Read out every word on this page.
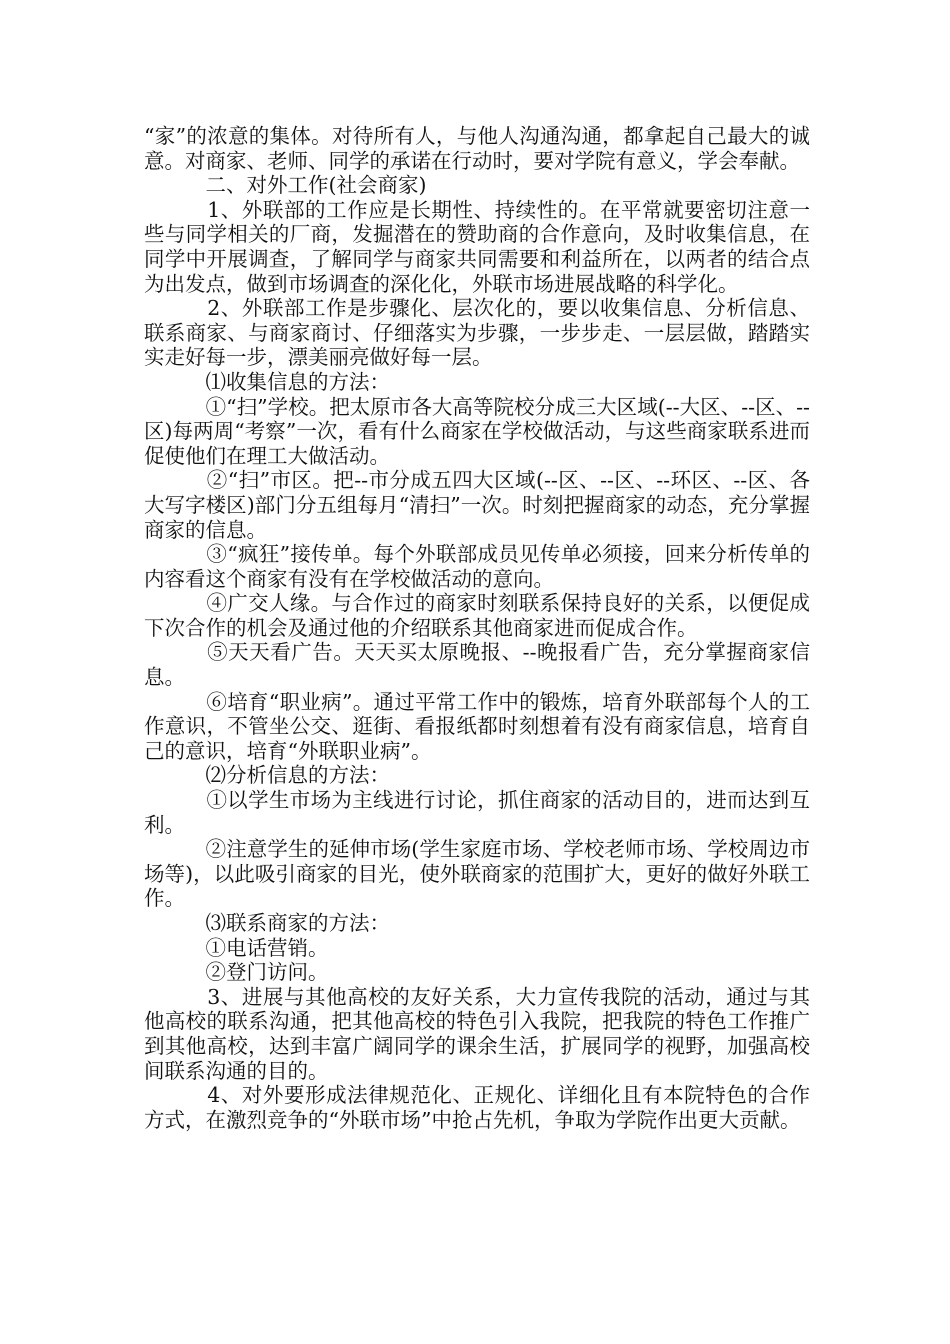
“家”的浓意的集体。对待所有人，与他人沟通沟通，都拿起自己最大的诚意。对商家、老师、同学的承诺在行动时，要对学院有意义，学会奉献。

　　　二、对外工作(社会商家)

　　　1、外联部的工作应是长期性、持续性的。在平常就要密切注意一些与同学相关的厂商，发掘潜在的赞助商的合作意向，及时收集信息，在同学中开展调查，了解同学与商家共同需要和利益所在，以两者的结合点为出发点，做到市场调查的深化化，外联市场进展战略的科学化。

　　　2、外联部工作是步骤化、层次化的，要以收集信息、分析信息、联系商家、与商家商讨、仔细落实为步骤，一步步走、一层层做，踏踏实实走好每一步，漂美丽亮做好每一层。

　　　⑴收集信息的方法：

　　　①“扫”学校。把太原市各大高等院校分成三大区域(--大区、--区、--区)每两周“考察”一次，看有什么商家在学校做活动，与这些商家联系进而促使他们在理工大做活动。

　　　②“扫”市区。把--市分成五四大区域(--区、--区、--环区、--区、各大写字楼区)部门分五组每月“清扫”一次。时刻把握商家的动态，充分掌握商家的信息。

　　　③“疯狂”接传单。每个外联部成员见传单必须接，回来分析传单的内容看这个商家有没有在学校做活动的意向。

　　　④广交人缘。与合作过的商家时刻联系保持良好的关系，以便促成下次合作的机会及通过他的介绍联系其他商家进而促成合作。

　　　⑤天天看广告。天天买太原晚报、--晚报看广告，充分掌握商家信息。

　　　⑥培育“职业病”。通过平常工作中的锻炼，培育外联部每个人的工作意识，不管坐公交、逛街、看报纸都时刻想着有没有商家信息，培育自己的意识，培育“外联职业病”。

　　　⑵分析信息的方法：

　　　①以学生市场为主线进行讨论，抓住商家的活动目的，进而达到互利。

　　　②注意学生的延伸市场(学生家庭市场、学校老师市场、学校周边市场等)，以此吸引商家的目光，使外联商家的范围扩大，更好的做好外联工作。

　　　⑶联系商家的方法：

　　　①电话营销。

　　　②登门访问。

　　　3、进展与其他高校的友好关系，大力宣传我院的活动，通过与其他高校的联系沟通，把其他高校的特色引入我院，把我院的特色工作推广到其他高校，达到丰富广阔同学的课余生活，扩展同学的视野，加强高校间联系沟通的目的。

　　　4、对外要形成法律规范化、正规化、详细化且有本院特色的合作方式，在激烈竞争的“外联市场”中抢占先机，争取为学院作出更大贡献。
